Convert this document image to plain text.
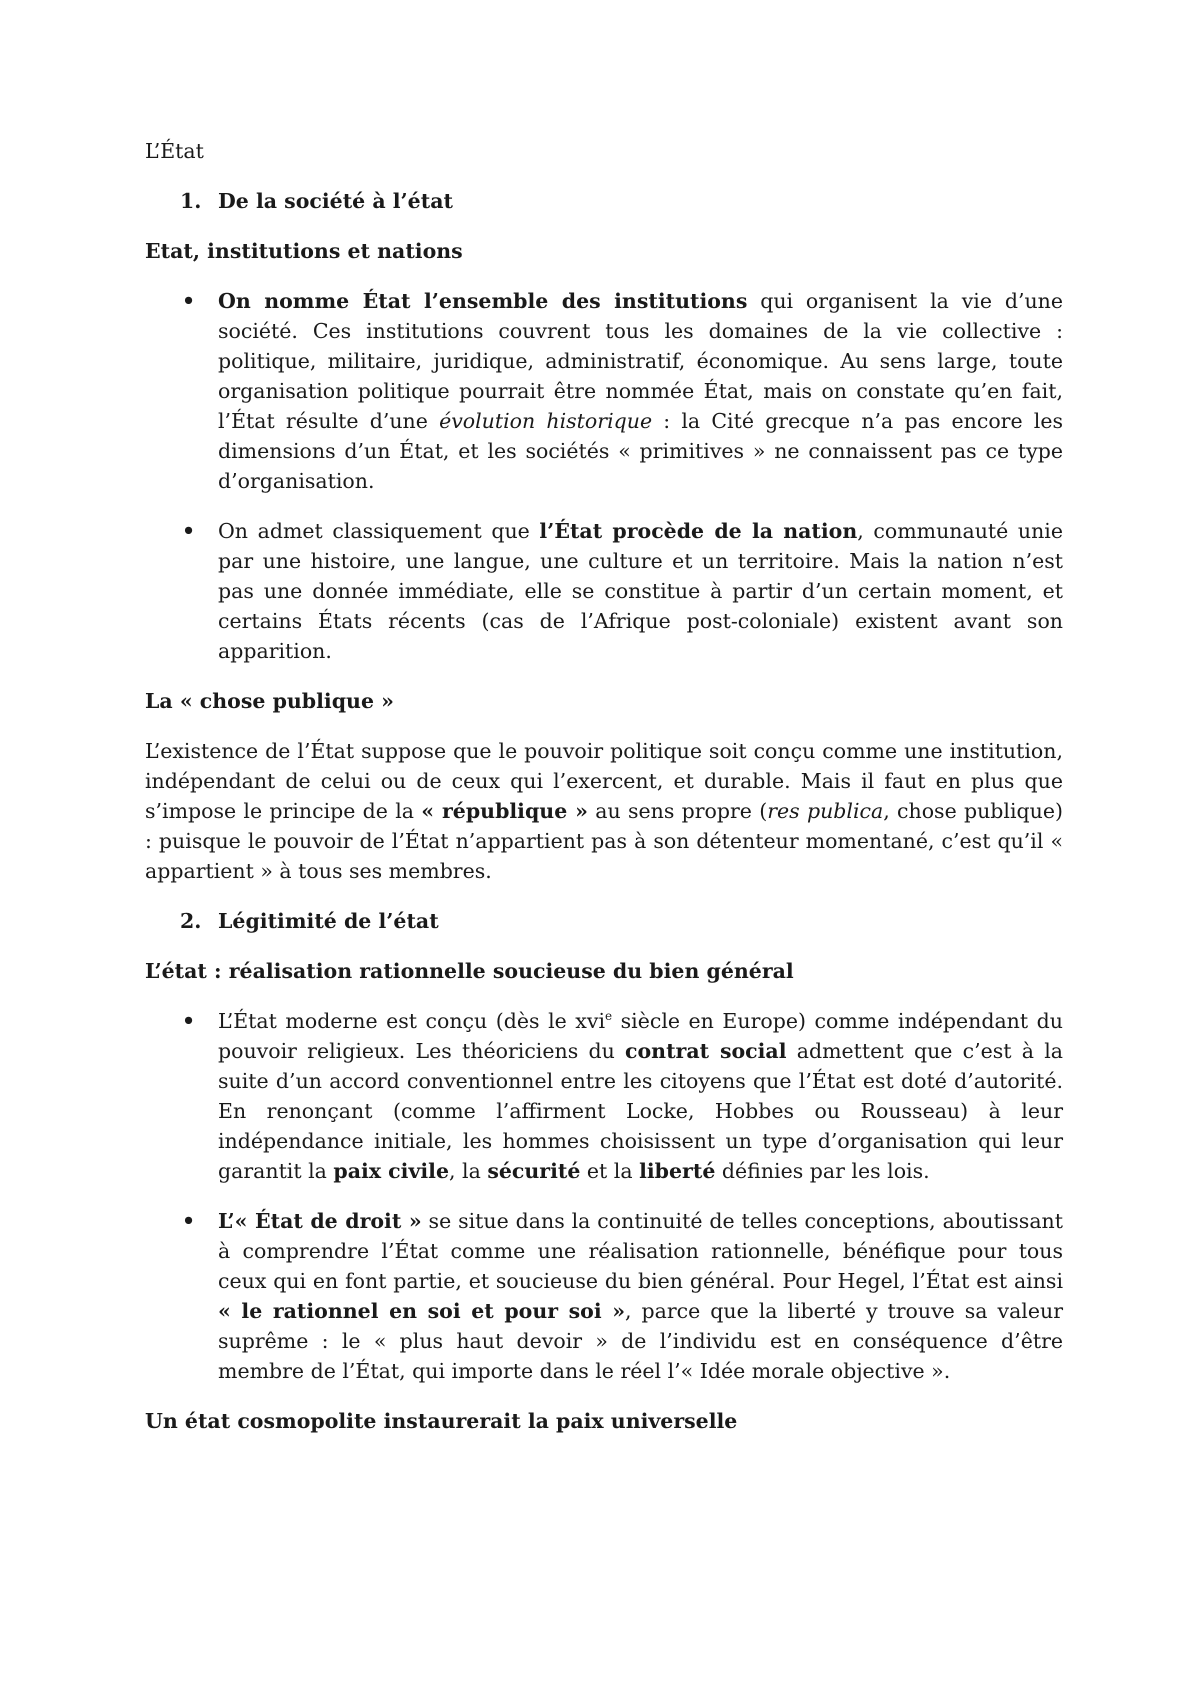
L’État
1. De la société à l’état
Etat, institutions et nations
• On nomme État l’ensemble des institutions qui organisent la vie d’une société. Ces institutions couvrent tous les domaines de la vie collective : politique, militaire, juridique, administratif, économique. Au sens large, toute organisation politique pourrait être nommée État, mais on constate qu’en fait, l’État résulte d’une évolution historique : la Cité grecque n’a pas encore les dimensions d’un État, et les sociétés « primitives » ne connaissent pas ce type d’organisation.
• On admet classiquement que l’État procède de la nation, communauté unie par une histoire, une langue, une culture et un territoire. Mais la nation n’est pas une donnée immédiate, elle se constitue à partir d’un certain moment, et certains États récents (cas de l’Afrique post-coloniale) existent avant son apparition.
La « chose publique »
L’existence de l’État suppose que le pouvoir politique soit conçu comme une institution, indépendant de celui ou de ceux qui l’exercent, et durable. Mais il faut en plus que s’impose le principe de la « république » au sens propre (res publica, chose publique) : puisque le pouvoir de l’État n’appartient pas à son détenteur momentané, c’est qu’il « appartient » à tous ses membres.
2. Légitimité de l’état
L’état : réalisation rationnelle soucieuse du bien général
• L’État moderne est conçu (dès le xvi$^e$ siècle en Europe) comme indépendant du pouvoir religieux. Les théoriciens du contrat social admettent que c’est à la suite d’un accord conventionnel entre les citoyens que l’État est doté d’autorité. En renonçant (comme l’affirment Locke, Hobbes ou Rousseau) à leur indépendance initiale, les hommes choisissent un type d’organisation qui leur garantit la paix civile, la sécurité et la liberté définies par les lois.
• L’« État de droit » se situe dans la continuité de telles conceptions, aboutissant à comprendre l’État comme une réalisation rationnelle, bénéfique pour tous ceux qui en font partie, et soucieuse du bien général. Pour Hegel, l’État est ainsi « le rationnel en soi et pour soi », parce que la liberté y trouve sa valeur suprême : le « plus haut devoir » de l’individu est en conséquence d’être membre de l’État, qui importe dans le réel l’« Idée morale objective ».
Un état cosmopolite instaurerait la paix universelle
